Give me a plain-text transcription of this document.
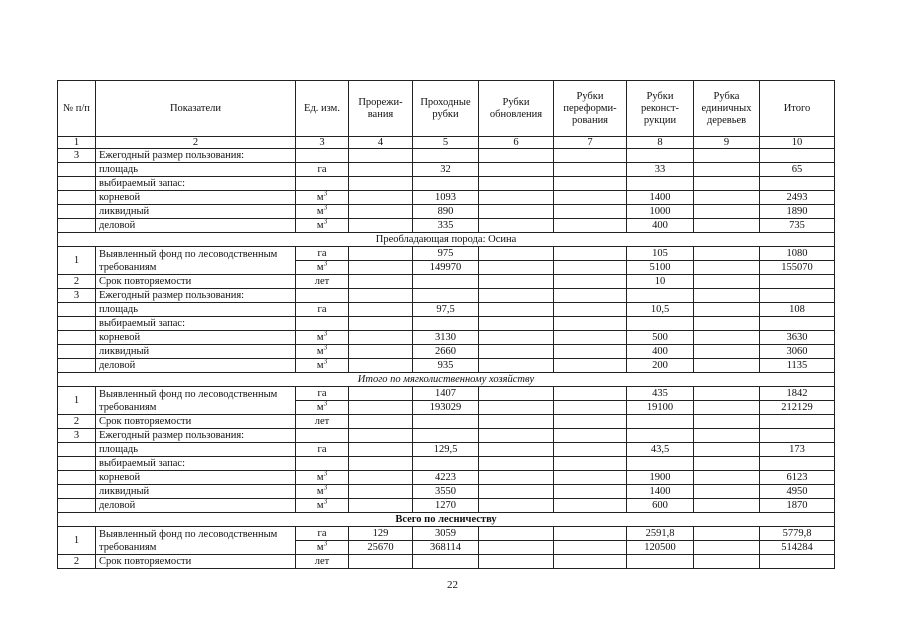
№ п/п	Показатели	Ед. изм.	Прорежи- вания	Проходные рубки	Рубки обновления	Рубки переформи- рования	Рубки реконст- рукции	Рубка единичных деревьев	Итого
1	2	3	4	5	6	7	8	9	10
3	Ежегодный размер пользования:								
	площадь	га		32			33		65
	выбираемый запас:								
	корневой	$м^3$		1093			1400		2493
	ликвидный	$м^3$		890			1000		1890
	деловой	$м^3$		335			400		735
Преобладающая порода: Осина									
1	Выявленный фонд по лесоводственным требованиям	га		975			105		1080
		$м^3$		149970			5100		155070
2	Срок повторяемости	лет					10		
3	Ежегодный размер пользования:								
	площадь	га		97,5			10,5		108
	выбираемый запас:								
	корневой	$м^3$		3130			500		3630
	ликвидный	$м^3$		2660			400		3060
	деловой	$м^3$		935			200		1135
Итого по мягколиственному хозяйству									
1	Выявленный фонд по лесоводственным требованиям	га		1407			435		1842
		$м^3$		193029			19100		212129
2	Срок повторяемости	лет							
3	Ежегодный размер пользования:								
	площадь	га		129,5			43,5		173
	выбираемый запас:								
	корневой	$м^3$		4223			1900		6123
	ликвидный	$м^3$		3550			1400		4950
	деловой	$м^3$		1270			600		1870
Всего по лесничеству									
1	Выявленный фонд по лесоводственным требованиям	га	129	3059			2591,8		5779,8
		$м^3$	25670	368114			120500		514284
2	Срок повторяемости	лет							
22
